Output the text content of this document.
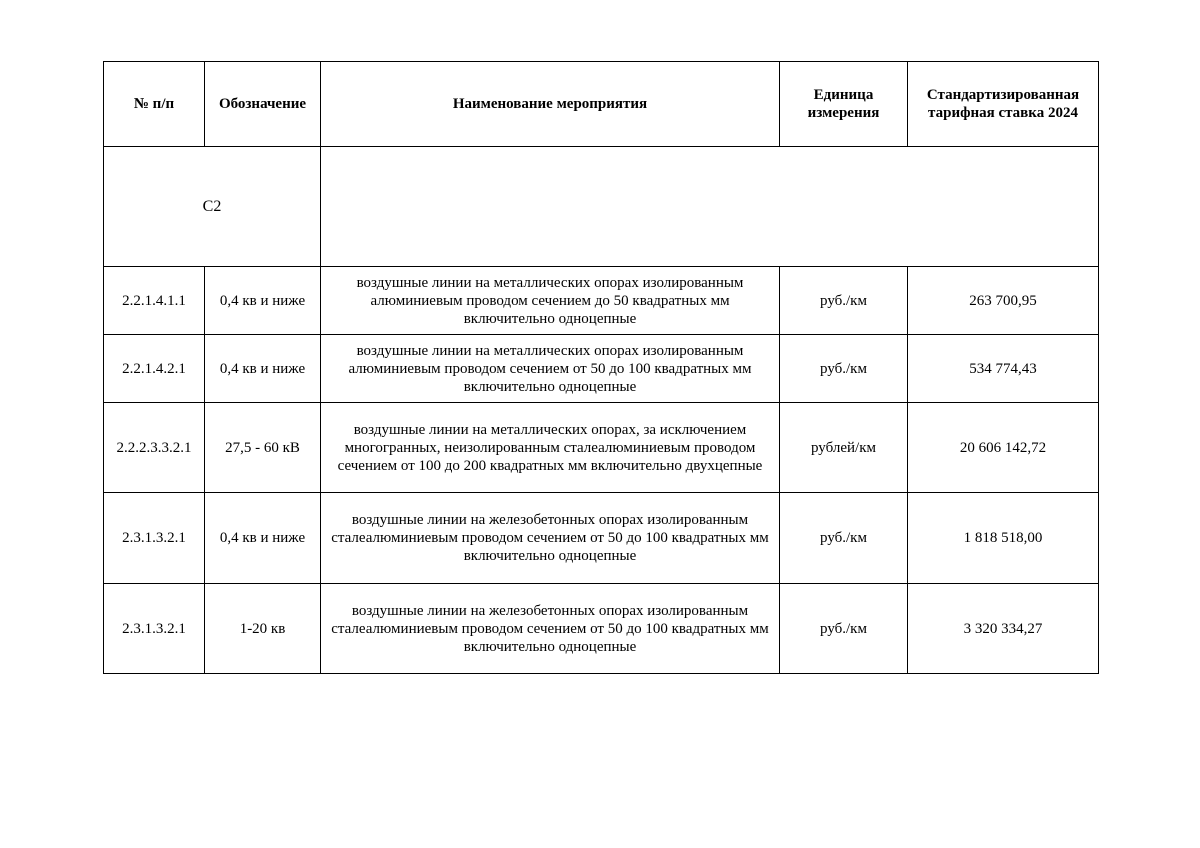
№ п/п	Обозначение	Наименование мероприятия	Единица измерения	Стандартизированная тарифная ставка 2024
С2				
2.2.1.4.1.1	0,4 кв и ниже	воздушные линии на металлических опорах изолированным алюминиевым проводом сечением до 50 квадратных мм включительно одноцепные	руб./км	263 700,95
2.2.1.4.2.1	0,4 кв и ниже	воздушные линии на металлических опорах изолированным алюминиевым проводом сечением от 50 до 100 квадратных мм включительно одноцепные	руб./км	534 774,43
2.2.2.3.3.2.1	27,5 - 60 кВ	воздушные линии на металлических опорах, за исключением многогранных, неизолированным сталеалюминиевым проводом сечением от 100 до 200 квадратных мм включительно двухцепные	рублей/км	20 606 142,72
2.3.1.3.2.1	0,4 кв и ниже	воздушные линии на железобетонных опорах изолированным сталеалюминиевым проводом сечением от 50 до 100 квадратных мм включительно одноцепные	руб./км	1 818 518,00
2.3.1.3.2.1	1-20 кв	воздушные линии на железобетонных опорах изолированным сталеалюминиевым проводом сечением от 50 до 100 квадратных мм включительно одноцепные	руб./км	3 320 334,27
